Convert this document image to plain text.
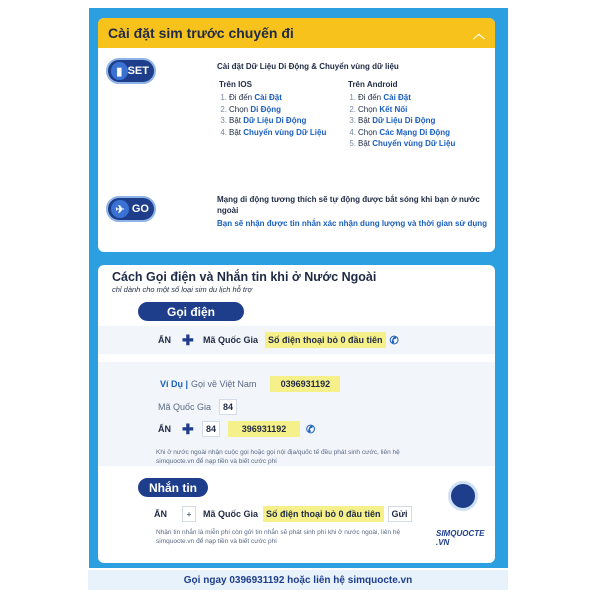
Cài đặt sim trước chuyến đi	︿
▮ SET	Cài đặt Dữ Liệu Di Động & Chuyển vùng dữ liệu
Trên IOS
1. Đi đến Cài Đặt
2. Chọn Di Động
3. Bật Dữ Liệu Di Động
4. Bật Chuyển vùng Dữ Liệu
Trên Android
1. Đi đến Cài Đặt
2. Chọn Kết Nối
3. Bật Dữ Liệu Di Động
4. Chọn Các Mạng Di Động
5. Bật Chuyển vùng Dữ Liệu
✈ GO
Mạng di động tương thích sẽ tự động được bắt sóng khi bạn ở nước ngoài
Bạn sẽ nhận được tin nhắn xác nhận dung lượng và thời gian sử dụng
Cách Gọi điện và Nhắn tin khi ở Nước Ngoài
chỉ dành cho một số loại sim du lịch hỗ trợ
Gọi điện
ẤN ✚	Mã Quốc Gia	Số điện thoại bỏ 0 đầu tiên ✆
Ví Dụ | Gọi về Việt Nam	0396931192
Mã Quốc Gia	84
ẤN ✚	84	396931192	✆
Khi ở nước ngoài nhận cuộc gọi hoặc gọi nội địa/quốc tế đều phát sinh cước, liên hệ simquocte.vn để nạp tiền và biết cước phí
Nhắn tin
ẤN	+	Mã Quốc Gia Số điện thoại bỏ 0 đầu tiên	Gửi
Nhận tin nhắn là miễn phí còn gửi tin nhắn sẽ phát sinh phí khi ở nước ngoài, liên hệ simquocte.vn để nạp tiền và biết cước phí
SIMQUOCTE
.VN
Gọi ngay 0396931192 hoặc liên hệ simquocte.vn
